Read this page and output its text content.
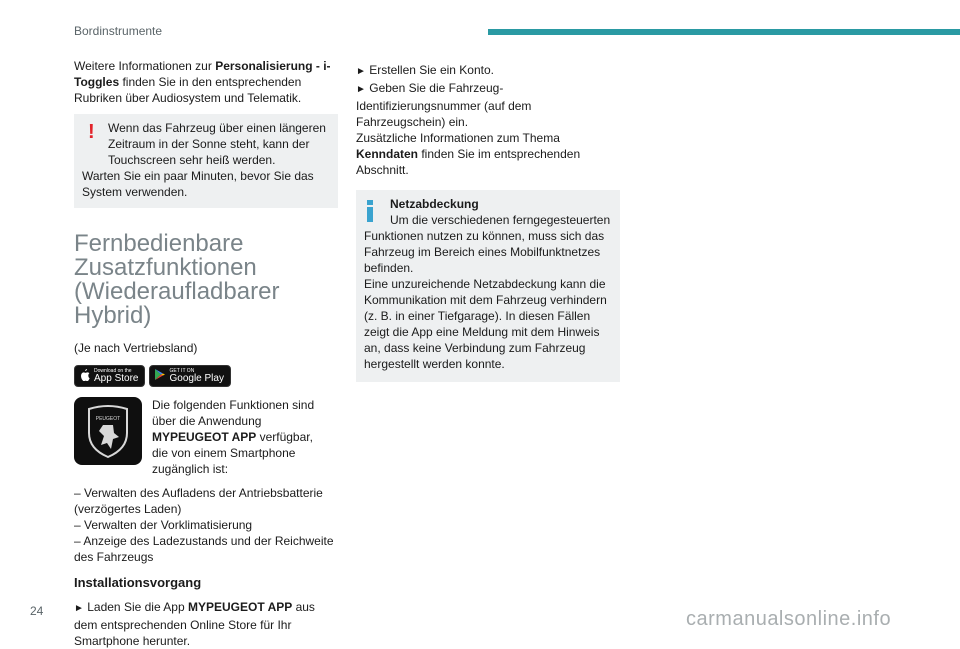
Bordinstrumente

Weitere Informationen zur Personalisierung - i-Toggles finden Sie in den entsprechenden Rubriken über Audiosystem und Telematik.

!	Wenn das Fahrzeug über einen längeren Zeitraum in der Sonne steht, kann der Touchscreen sehr heiß werden.

Warten Sie ein paar Minuten, bevor Sie das System verwenden.

Fernbedienbare Zusatzfunktionen (Wiederaufladbarer Hybrid)

(Je nach Vertriebsland)

Download on the
App Store
GET IT ON
Google Play
PEUGEOT

Die folgenden Funktionen sind über die Anwendung MYPEUGEOT APP verfügbar, die von einem Smartphone zugänglich ist:

– Verwalten des Aufladens der Antriebsbatterie (verzögertes Laden)

– Verwalten der Vorklimatisierung

– Anzeige des Ladezustands und der Reichweite des Fahrzeugs

Installationsvorgang

► Laden Sie die App MYPEUGEOT APP aus dem entsprechenden Online Store für Ihr Smartphone herunter.

► Erstellen Sie ein Konto.

► Geben Sie die Fahrzeug-Identifizierungsnummer (auf dem Fahrzeugschein) ein.

Zusätzliche Informationen zum Thema Kenndaten finden Sie im entsprechenden Abschnitt.

Netzabdeckung

Um die verschiedenen ferngegesteuerten Funktionen nutzen zu können, muss sich das Fahrzeug im Bereich eines Mobilfunktnetzes befinden.

Eine unzureichende Netzabdeckung kann die Kommunikation mit dem Fahrzeug verhindern (z. B. in einer Tiefgarage). In diesen Fällen zeigt die App eine Meldung mit dem Hinweis an, dass keine Verbindung zum Fahrzeug hergestellt werden konnte.

24	carmanualsonline.info
